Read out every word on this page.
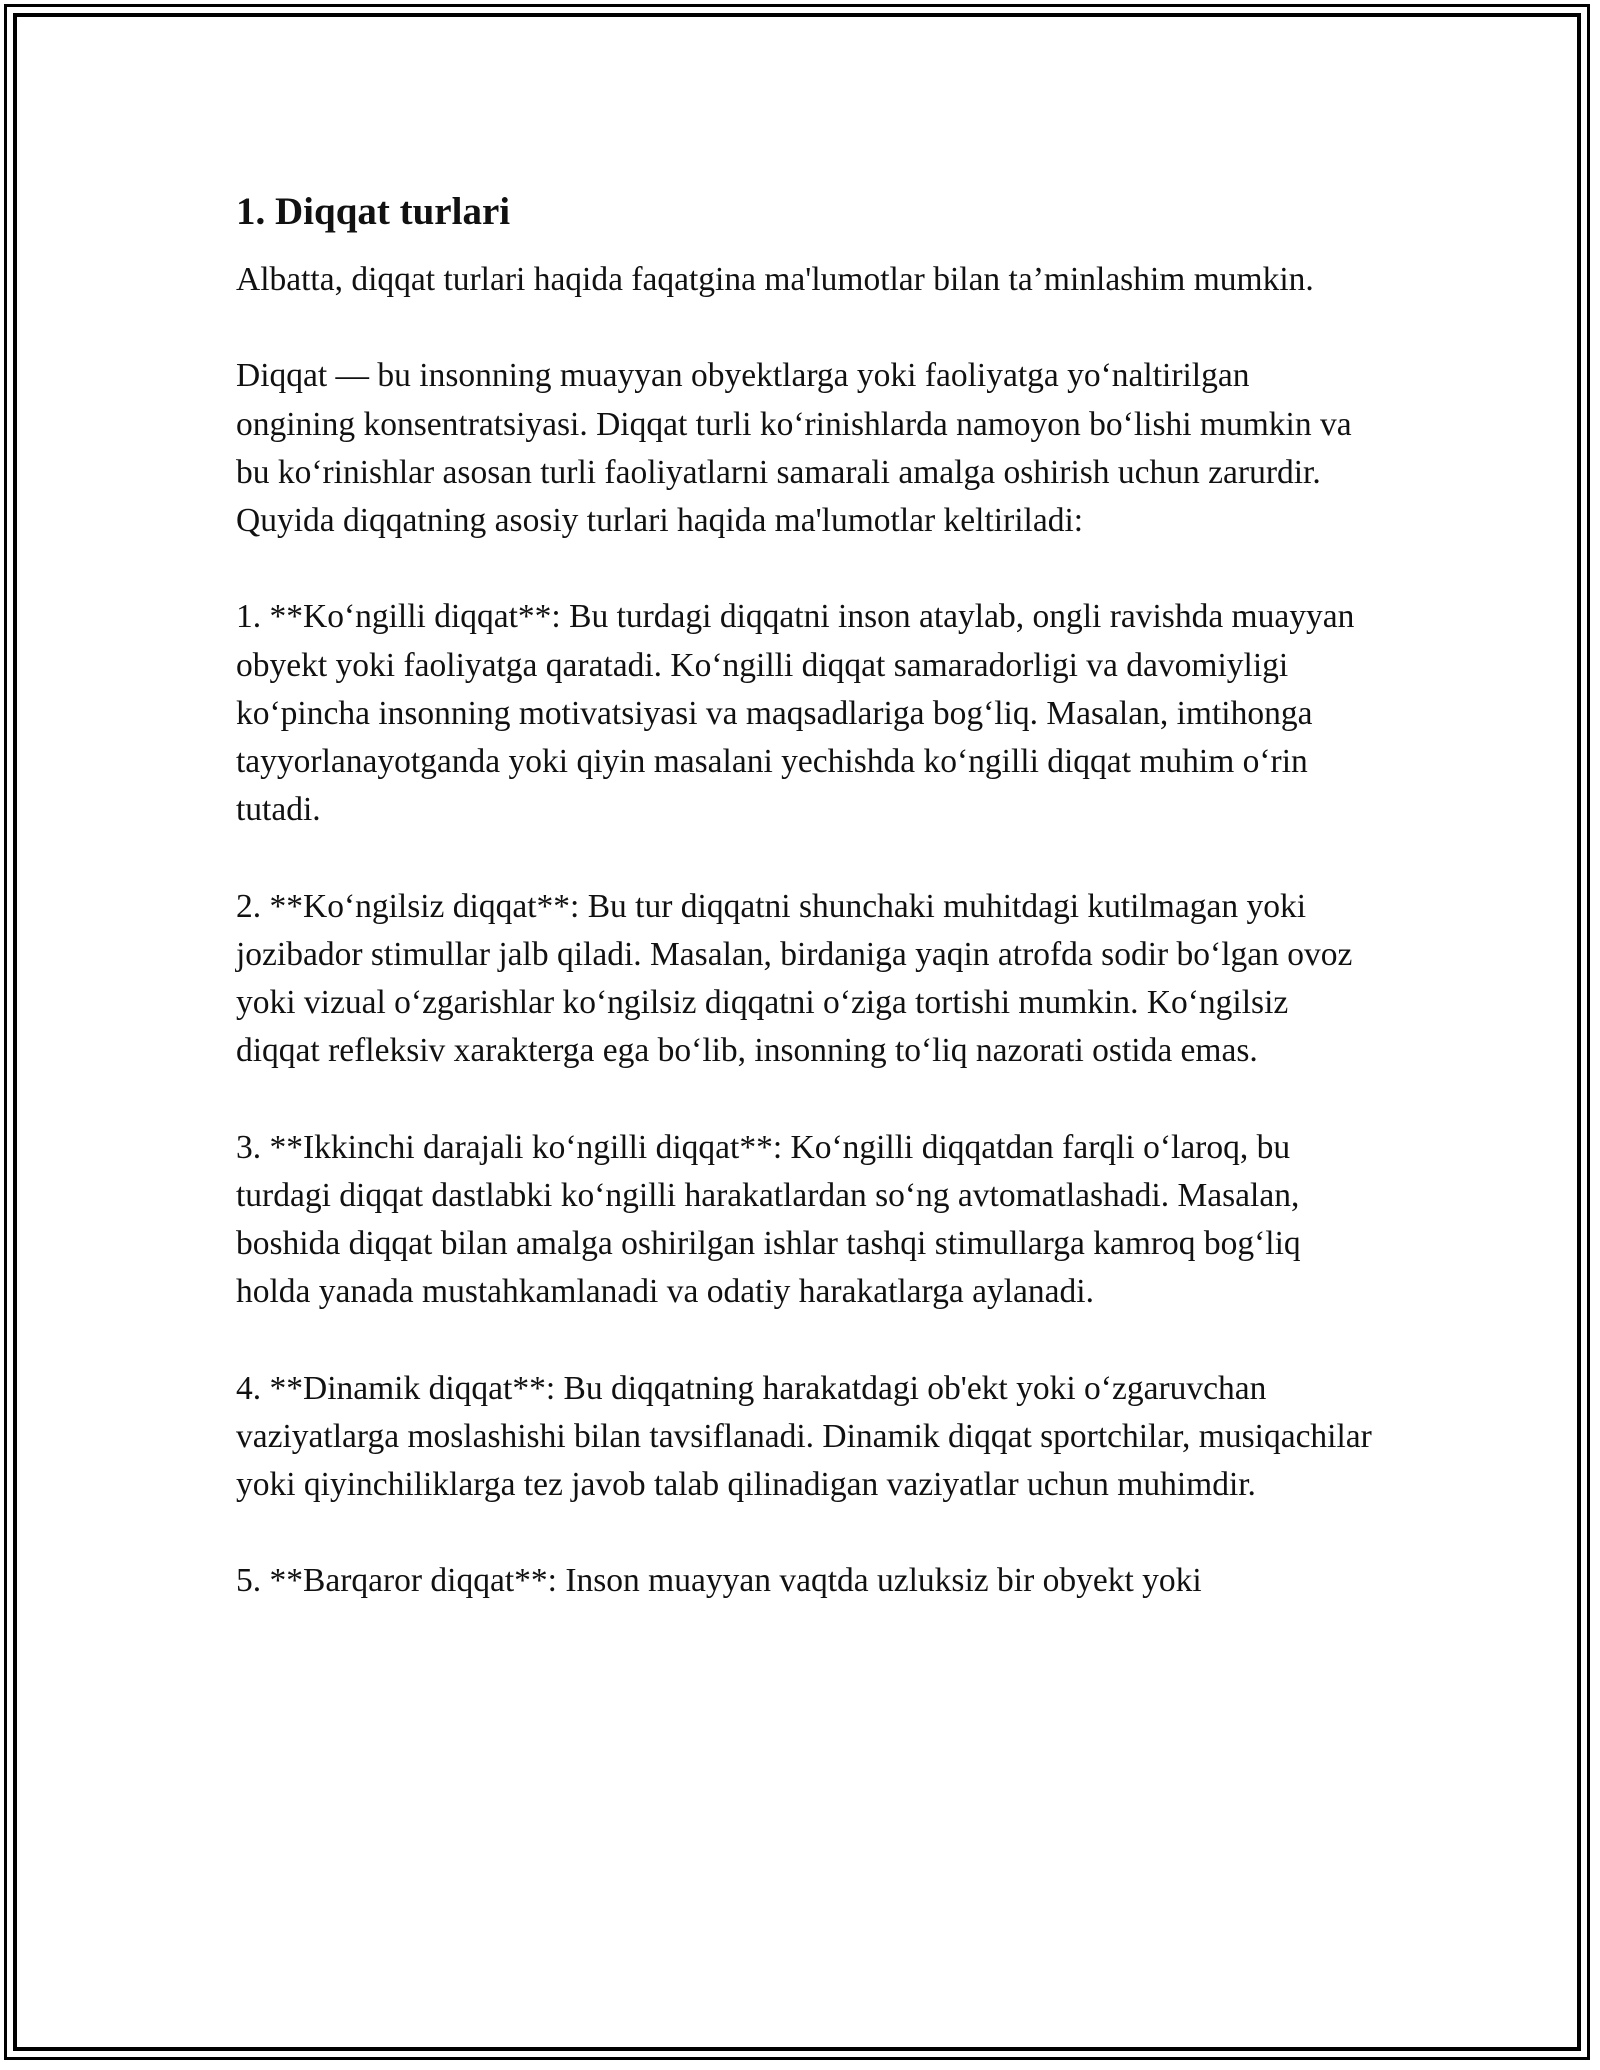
1. Diqqat turlari

Albatta, diqqat turlari haqida faqatgina ma'lumotlar bilan ta’minlashim mumkin.

Diqqat — bu insonning muayyan obyektlarga yoki faoliyatga yoʻnaltirilgan ongining konsentratsiyasi. Diqqat turli koʻrinishlarda namoyon boʻlishi mumkin va bu koʻrinishlar asosan turli faoliyatlarni samarali amalga oshirish uchun zarurdir. Quyida diqqatning asosiy turlari haqida ma'lumotlar keltiriladi:

1. **Koʻngilli diqqat**: Bu turdagi diqqatni inson ataylab, ongli ravishda muayyan obyekt yoki faoliyatga qaratadi. Koʻngilli diqqat samaradorligi va davomiyligi koʻpincha insonning motivatsiyasi va maqsadlariga bogʻliq. Masalan, imtihonga tayyorlanayotganda yoki qiyin masalani yechishda koʻngilli diqqat muhim oʻrin tutadi.

2. **Koʻngilsiz diqqat**: Bu tur diqqatni shunchaki muhitdagi kutilmagan yoki jozibador stimullar jalb qiladi. Masalan, birdaniga yaqin atrofda sodir boʻlgan ovoz yoki vizual oʻzgarishlar koʻngilsiz diqqatni oʻziga tortishi mumkin. Koʻngilsiz diqqat refleksiv xarakterga ega boʻlib, insonning toʻliq nazorati ostida emas.

3. **Ikkinchi darajali koʻngilli diqqat**: Koʻngilli diqqatdan farqli oʻlaroq, bu turdagi diqqat dastlabki koʻngilli harakatlardan soʻng avtomatlashadi. Masalan, boshida diqqat bilan amalga oshirilgan ishlar tashqi stimullarga kamroq bogʻliq holda yanada mustahkamlanadi va odatiy harakatlarga aylanadi.

4. **Dinamik diqqat**: Bu diqqatning harakatdagi ob'ekt yoki oʻzgaruvchan vaziyatlarga moslashishi bilan tavsiflanadi. Dinamik diqqat sportchilar, musiqachilar yoki qiyinchiliklarga tez javob talab qilinadigan vaziyatlar uchun muhimdir.

5. **Barqaror diqqat**: Inson muayyan vaqtda uzluksiz bir obyekt yoki
